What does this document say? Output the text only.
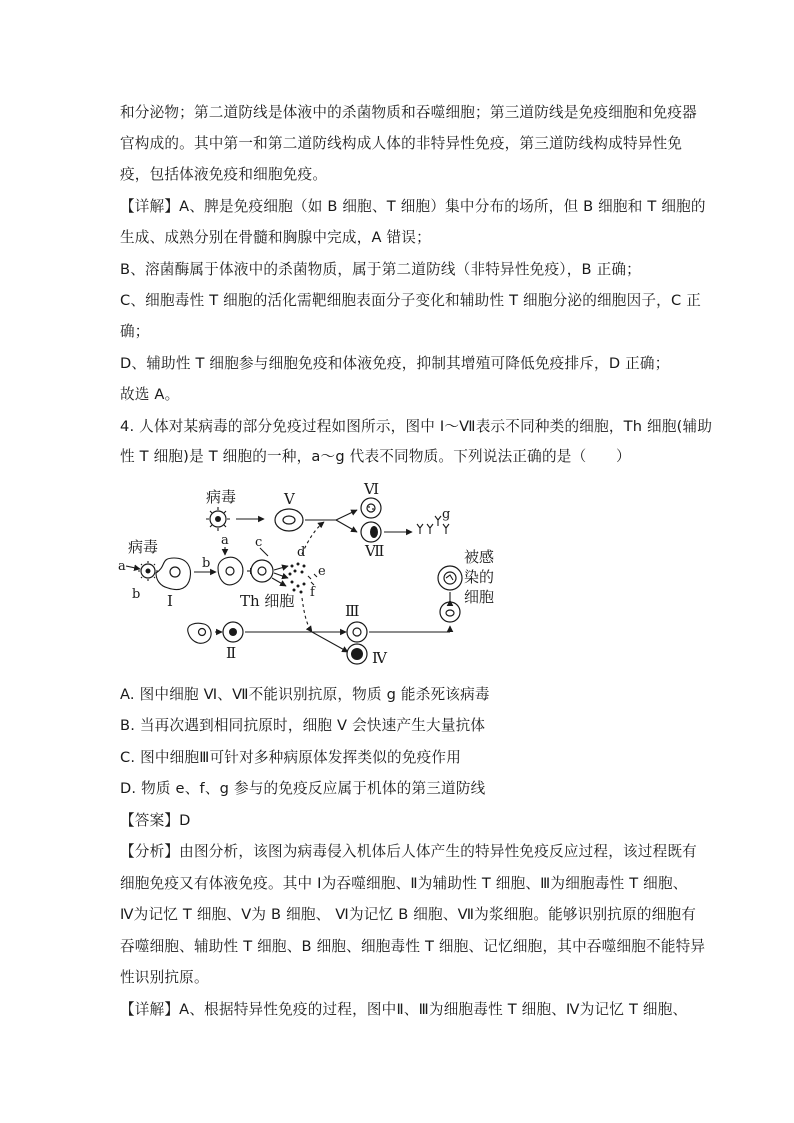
和分泌物；第二道防线是体液中的杀菌物质和吞噬细胞；第三道防线是免疫细胞和免疫器
官构成的。其中第一和第二道防线构成人体的非特异性免疫，第三道防线构成特异性免
疫，包括体液免疫和细胞免疫。
【详解】A、脾是免疫细胞（如 B 细胞、T 细胞）集中分布的场所，但 B 细胞和 T 细胞的
生成、成熟分别在骨髓和胸腺中完成，A 错误；
B、溶菌酶属于体液中的杀菌物质，属于第二道防线（非特异性免疫），B 正确；
C、细胞毒性 T 细胞的活化需靶细胞表面分子变化和辅助性 T 细胞分泌的细胞因子，C 正
确；
D、辅助性 T 细胞参与细胞免疫和体液免疫，抑制其增殖可降低免疫排斥，D 正确；
故选 A。
4. 人体对某病毒的部分免疫过程如图所示，图中 Ⅰ～Ⅶ表示不同种类的细胞，Th 细胞(辅助
性 T 细胞)是 T 细胞的一种，a～g 代表不同物质。下列说法正确的是（　　）
病毒	Ⅴ
Ⅵ
Ⅶ
g
病毒
a
b Ⅰ
a
b
c
Th 细胞
d
e
f
Ⅱ
Ⅲ
Ⅳ
被感
染的
细胞
A. 图中细胞 Ⅵ、Ⅶ不能识别抗原，物质 g 能杀死该病毒
B. 当再次遇到相同抗原时，细胞 Ⅴ 会快速产生大量抗体
C. 图中细胞Ⅲ可针对多种病原体发挥类似的免疫作用
D. 物质 e、f、g 参与的免疫反应属于机体的第三道防线
【答案】D
【分析】由图分析，该图为病毒侵入机体后人体产生的特异性免疫反应过程，该过程既有
细胞免疫又有体液免疫。其中 Ⅰ为吞噬细胞、Ⅱ为辅助性 T 细胞、Ⅲ为细胞毒性 T 细胞、
Ⅳ为记忆 T 细胞、Ⅴ为 B 细胞、 Ⅵ为记忆 B 细胞、Ⅶ为浆细胞。能够识别抗原的细胞有
吞噬细胞、辅助性 T 细胞、B 细胞、细胞毒性 T 细胞、记忆细胞，其中吞噬细胞不能特异
性识别抗原。
【详解】A、根据特异性免疫的过程，图中Ⅱ、Ⅲ为细胞毒性 T 细胞、Ⅳ为记忆 T 细胞、
